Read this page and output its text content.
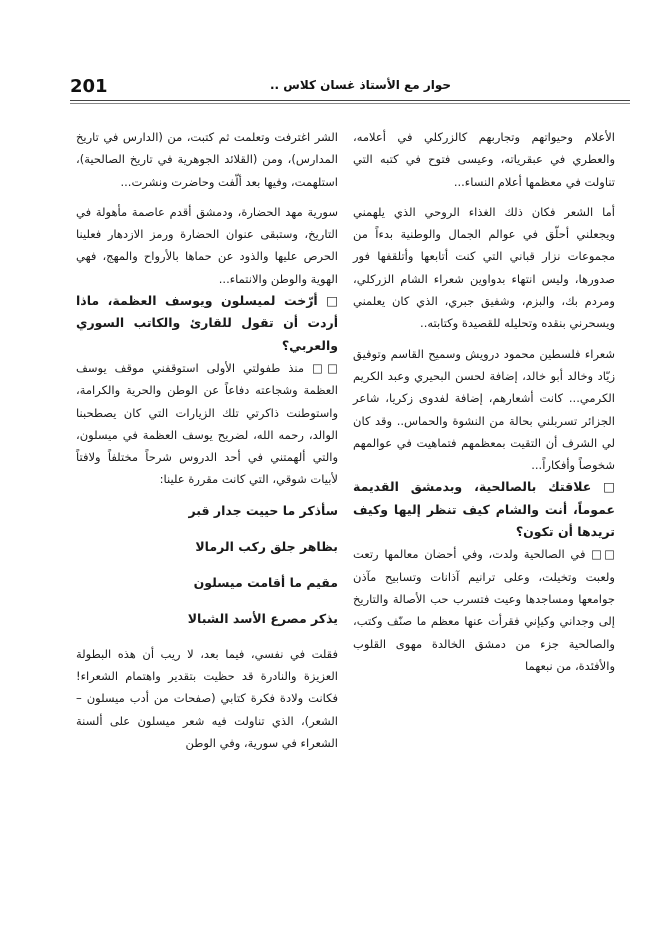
201	حوار مع الأستاذ غسان كلاس ..

الأعلام وحيواتهم وتجاربهم كالزركلي في أعلامه، والعطري في عبقرياته، وعيسى فتوح في كتبه التي تناولت في معظمها أعلام النساء...

أما الشعر فكان ذلك الغذاء الروحي الذي يلهمني ويجعلني أحلّق في عوالم الجمال والوطنية بدءاً من مجموعات نزار قباني التي كنت أتابعها وأتلقفها فور صدورها، وليس انتهاء بدواوين شعراء الشام الزركلي، ومردم بك، والبزم، وشفيق جبري، الذي كان يعلمني ويسحرني بنقده وتحليله للقصيدة وكتابته..

شعراء فلسطين محمود درويش وسميح القاسم وتوفيق زيّاد وخالد أبو خالد، إضافة لحسن البحيري وعبد الكريم الكرمي... كانت أشعارهم، إضافة لفدوى زكريا، شاعر الجزائر تسربلني بحالة من النشوة والحماس.. وقد كان لي الشرف أن التقيت بمعظمهم فتماهيت في عوالمهم شخوصاً وأفكاراً...

□ علاقتك بالصالحية، وبدمشق القديمة عموماً، أنت والشام كيف تنظر إليها وكيف تريدها أن تكون؟

□□ في الصالحية ولدت، وفي أحضان معالمها رتعت ولعبت وتخيلت، وعلى ترانيم آذانات وتسابيح مآذن جوامعها ومساجدها وعيت فتسرب حب الأصالة والتاريخ إلى وجداني وكيإني فقرأت عنها معظم ما صنّف وكتب، والصالحية جزء من دمشق الخالدة مهوى القلوب والأفئدة، من نبعهما

الشر اغترفت وتعلمت ثم كتبت، من (الدارس في تاريخ المدارس)، ومن (القلائد الجوهرية في تاريخ الصالحية)، استلهمت، وفيها بعد ألّفت وحاضرت ونشرت...

سورية مهد الحضارة، ودمشق أقدم عاصمة مأهولة في التاريخ، وستبقى عنوان الحضارة ورمز الازدهار فعلينا الحرص عليها والذود عن حماها بالأرواح والمهج، فهي الهوية والوطن والانتماء...

□ أرّخت لميسلون ويوسف العظمة، ماذا أردت أن تقول للقارئ والكاتب السوري والعربي؟

□□ منذ طفولتي الأولى استوقفني موقف يوسف العظمة وشجاعته دفاعاً عن الوطن والحرية والكرامة، واستوطنت ذاكرتي تلك الزيارات التي كان يصطحبنا الوالد، رحمه الله، لضريح يوسف العظمة في ميسلون، والتي ألهمتني في أحد الدروس شرحاً مختلفاً ولافتاً لأبيات شوقي، التي كانت مقررة علينا:

سأذكر ما حييت جدار قبر
بظاهر جلق ركب الرمالا
مقيم ما أقامت ميسلون
يذكر مصرع الأسد الشبالا

فقلت في نفسي، فيما بعد، لا ريب أن هذه البطولة العزيزة والنادرة قد حظيت بتقدير واهتمام الشعراء! فكانت ولادة فكرة كتابي (صفحات من أدب ميسلون – الشعر)، الذي تناولت فيه شعر ميسلون على ألسنة الشعراء في سورية، وفي الوطن
